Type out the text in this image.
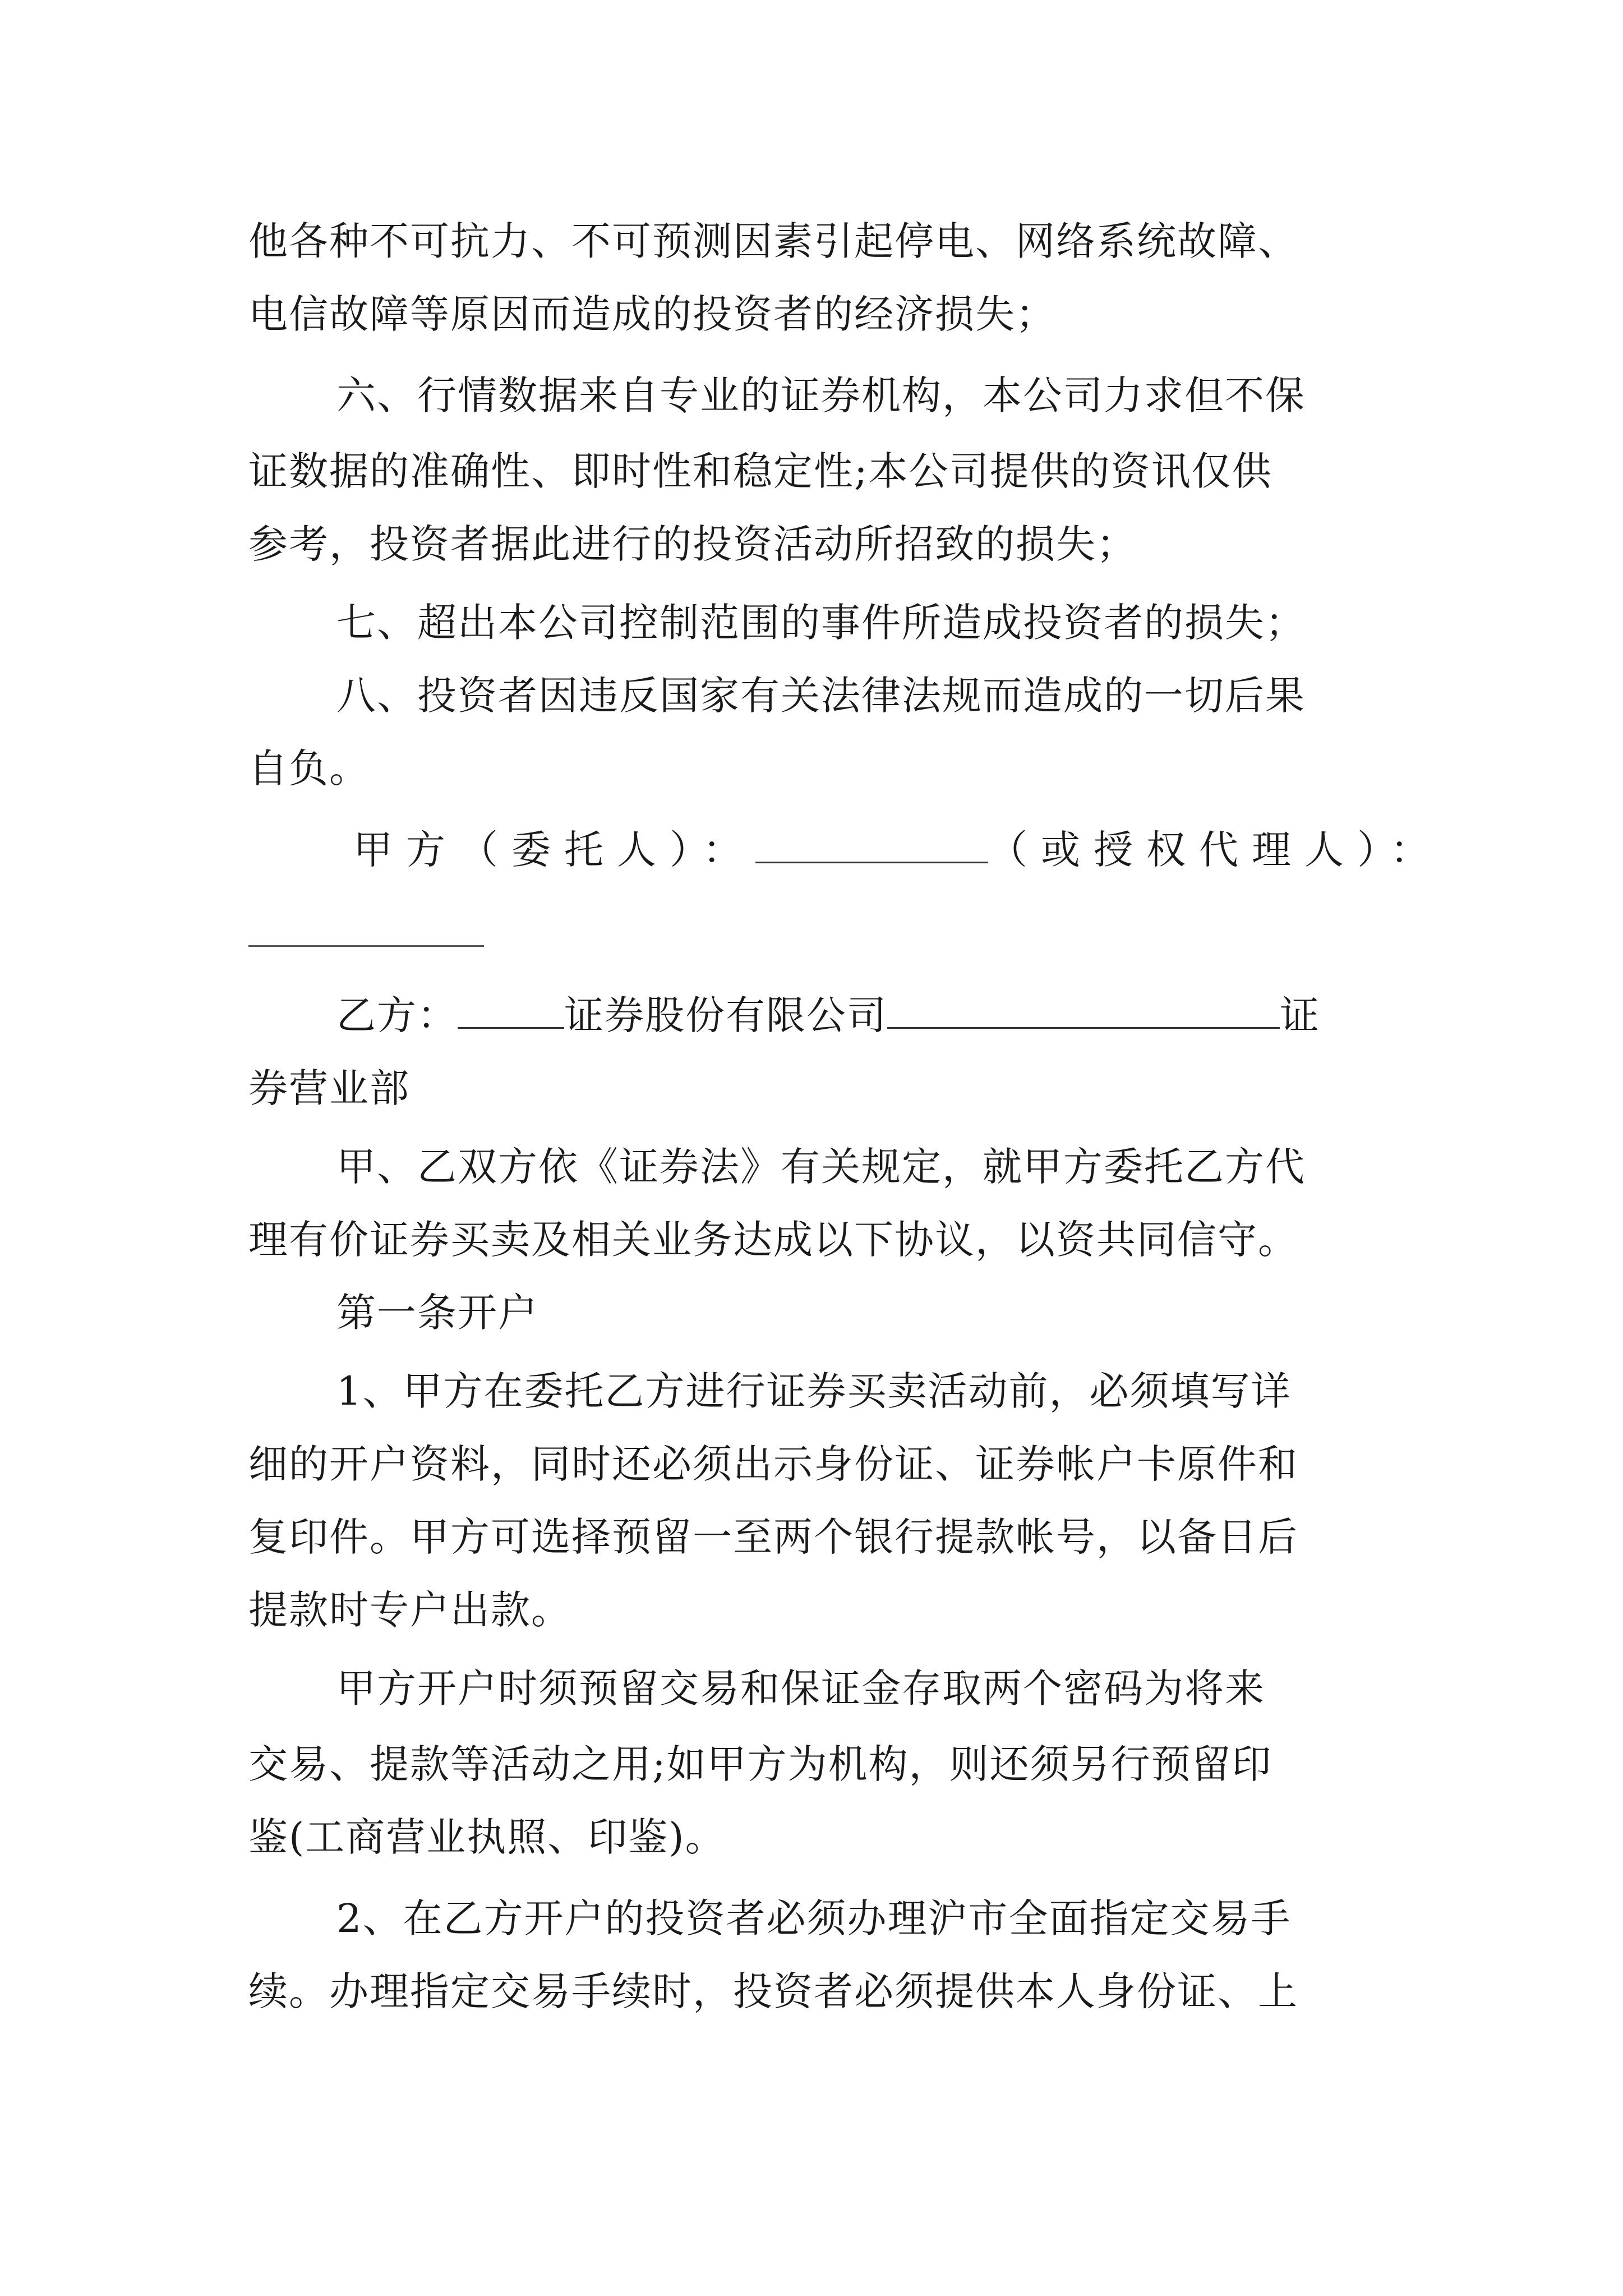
他各种不可抗力、不可预测因素引起停电、网络系统故障、
电信故障等原因而造成的投资者的经济损失；
六、行情数据来自专业的证券机构，本公司力求但不保
证数据的准确性、即时性和稳定性;本公司提供的资讯仅供
参考，投资者据此进行的投资活动所招致的损失；
七、超出本公司控制范围的事件所造成投资者的损失；
八、投资者因违反国家有关法律法规而造成的一切后果
自负。
甲方（委托人）：	（或授权代理人）：
乙方：	证券股份有限公司	证
券营业部
甲、乙双方依《证券法》有关规定，就甲方委托乙方代
理有价证券买卖及相关业务达成以下协议，以资共同信守。
第一条开户
1、甲方在委托乙方进行证券买卖活动前，必须填写详
细的开户资料，同时还必须出示身份证、证券帐户卡原件和
复印件。甲方可选择预留一至两个银行提款帐号，以备日后
提款时专户出款。
甲方开户时须预留交易和保证金存取两个密码为将来
交易、提款等活动之用;如甲方为机构，则还须另行预留印
鉴(工商营业执照、印鉴)。
2、在乙方开户的投资者必须办理沪市全面指定交易手
续。办理指定交易手续时，投资者必须提供本人身份证、上
